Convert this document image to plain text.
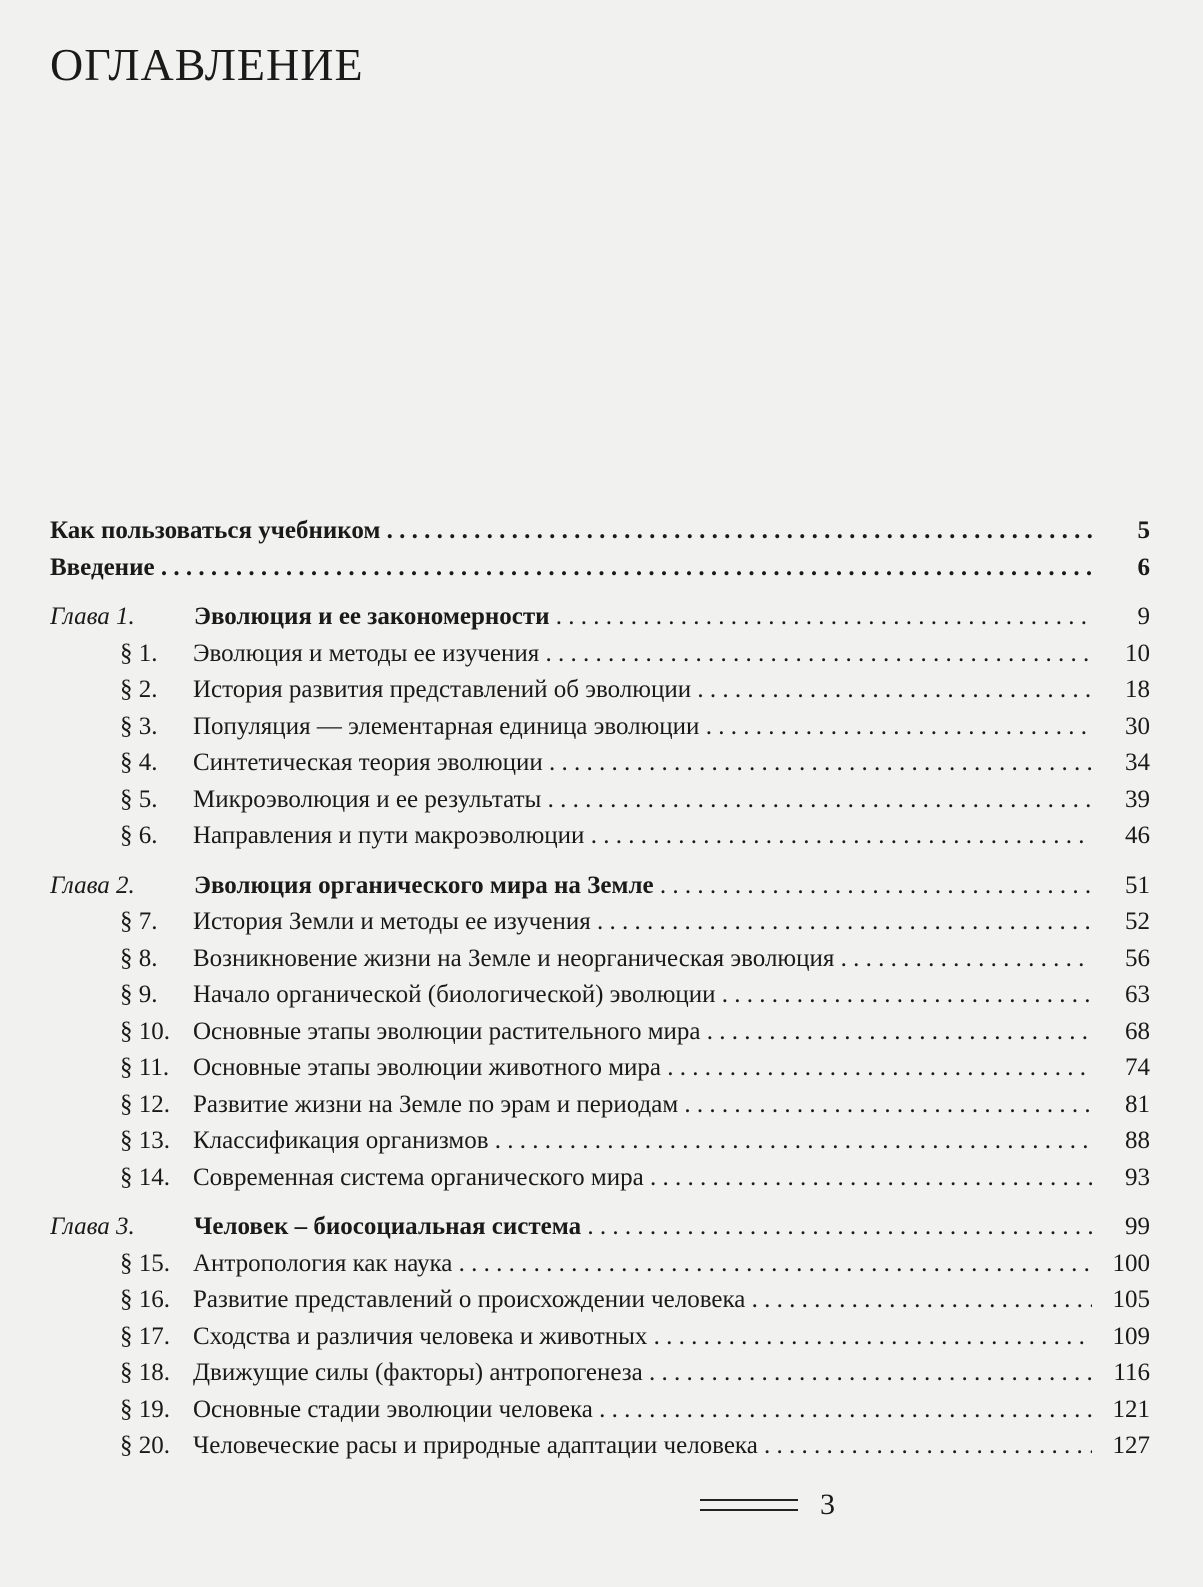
ОГЛАВЛЕНИЕ
Как пользоваться учебником . . .	5
Введение . . .	6
Глава 1. Эволюция и ее закономерности . . .	9
§ 1. Эволюция и методы ее изучения . . .	10
§ 2. История развития представлений об эволюции . . .	18
§ 3. Популяция — элементарная единица эволюции . . .	30
§ 4. Синтетическая теория эволюции . . .	34
§ 5. Микроэволюция и ее результаты . . .	39
§ 6. Направления и пути макроэволюции . . .	46
Глава 2. Эволюция органического мира на Земле . . .	51
§ 7. История Земли и методы ее изучения . . .	52
§ 8. Возникновение жизни на Земле и неорганическая эволюция . . .	56
§ 9. Начало органической (биологической) эволюции . . .	63
§ 10. Основные этапы эволюции растительного мира . . .	68
§ 11. Основные этапы эволюции животного мира . . .	74
§ 12. Развитие жизни на Земле по эрам и периодам . . .	81
§ 13. Классификация организмов . . .	88
§ 14. Современная система органического мира . . .	93
Глава 3. Человек – биосоциальная система . . .	99
§ 15. Антропология как наука . . .	100
§ 16. Развитие представлений о происхождении человека . . .	105
§ 17. Сходства и различия человека и животных . . .	109
§ 18. Движущие силы (факторы) антропогенеза . . .	116
§ 19. Основные стадии эволюции человека . . .	121
§ 20. Человеческие расы и природные адаптации человека . . .	127
3
